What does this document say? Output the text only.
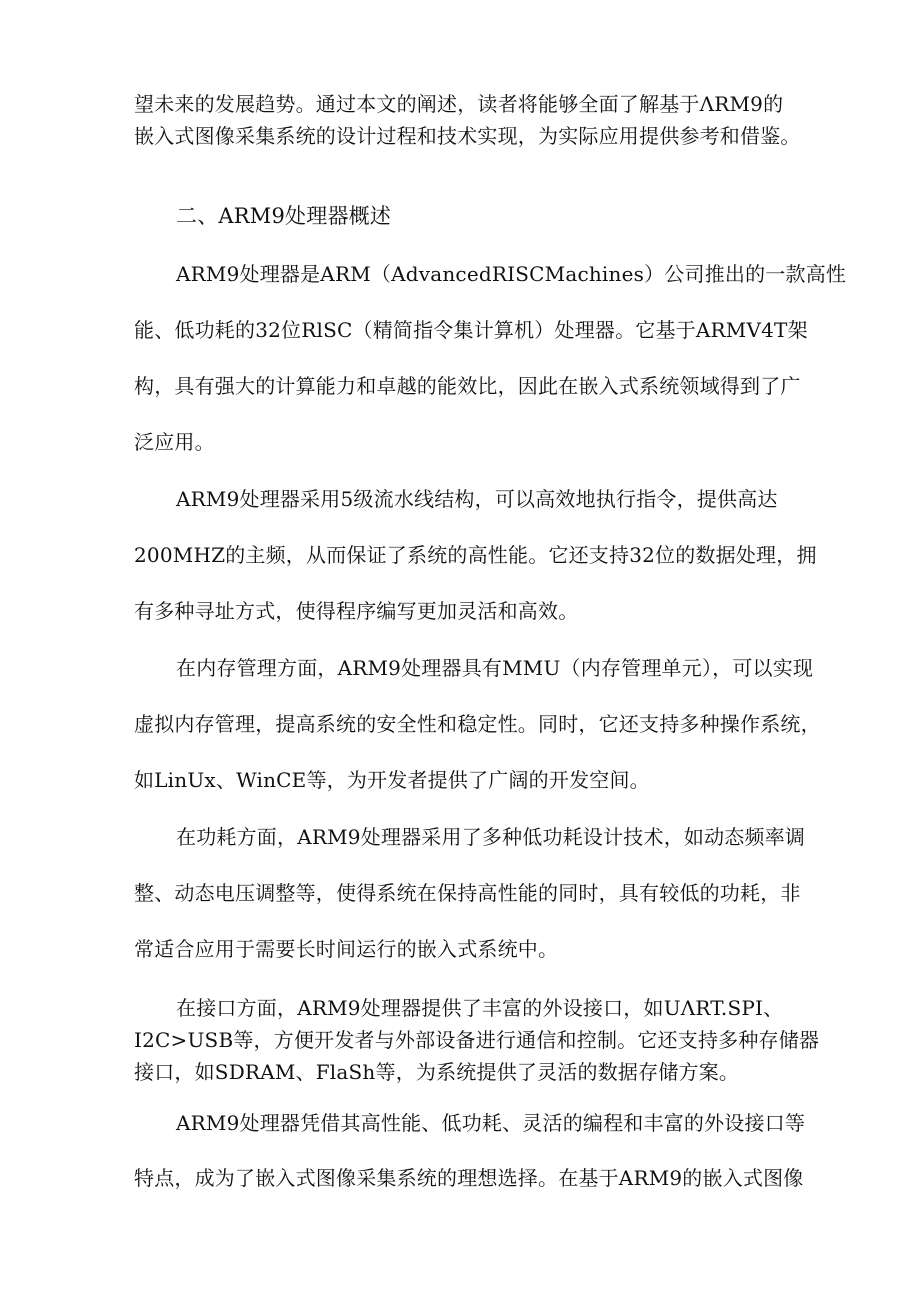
望未来的发展趋势。通过本文的阐述，读者将能够全面了解基于ΛRM9的
嵌入式图像采集系统的设计过程和技术实现，为实际应用提供参考和借鉴。
二、ARM9处理器概述
ARM9处理器是ARM（AdvancedRISCMachines）公司推出的一款高性
能、低功耗的32位RlSC（精简指令集计算机）处理器。它基于ARMV4T架
构，具有强大的计算能力和卓越的能效比，因此在嵌入式系统领域得到了广
泛应用。
ARM9处理器采用5级流水线结构，可以高效地执行指令，提供高达
200MHZ的主频，从而保证了系统的高性能。它还支持32位的数据处理，拥
有多种寻址方式，使得程序编写更加灵活和高效。
在内存管理方面，ARM9处理器具有MMU（内存管理单元），可以实现
虚拟内存管理，提高系统的安全性和稳定性。同时，它还支持多种操作系统，
如LinUx、WinCE等，为开发者提供了广阔的开发空间。
在功耗方面，ARM9处理器采用了多种低功耗设计技术，如动态频率调
整、动态电压调整等，使得系统在保持高性能的同时，具有较低的功耗，非
常适合应用于需要长时间运行的嵌入式系统中。
在接口方面，ARM9处理器提供了丰富的外设接口，如UΛRT.SPI、
I2C>USB等，方便开发者与外部设备进行通信和控制。它还支持多种存储器
接口，如SDRAM、FlaSh等，为系统提供了灵活的数据存储方案。
ARM9处理器凭借其高性能、低功耗、灵活的编程和丰富的外设接口等
特点，成为了嵌入式图像采集系统的理想选择。在基于ARM9的嵌入式图像
